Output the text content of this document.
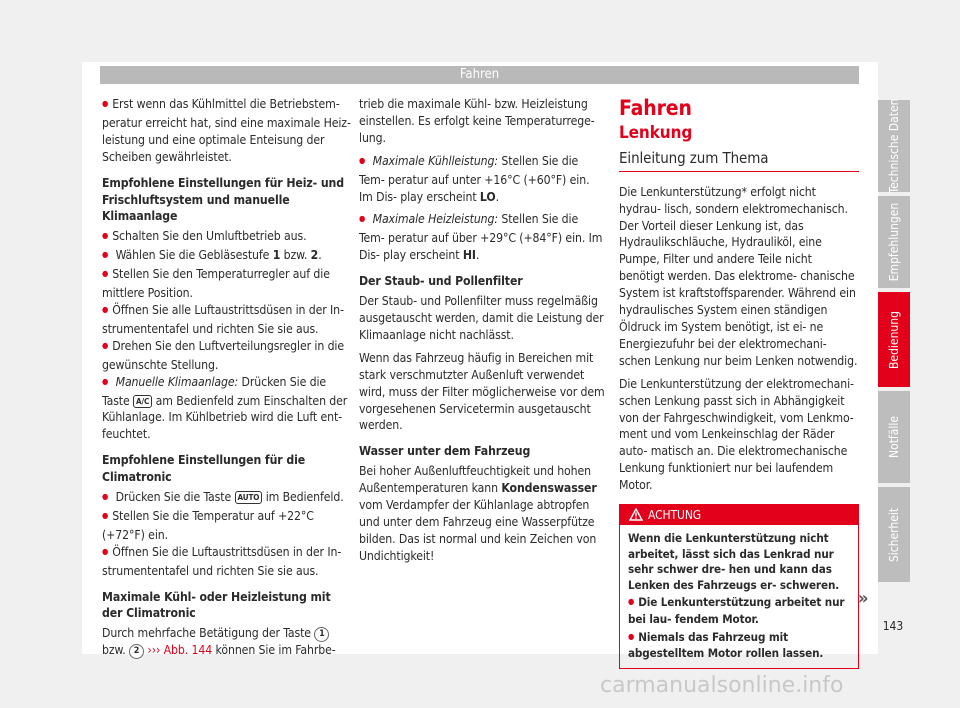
Fahren

● Erst wenn das Kühlmittel die Betriebstem- peratur erreicht hat, sind eine maximale Heiz- leistung und eine optimale Enteisung der Scheiben gewährleistet.

Empfohlene Einstellungen für Heiz- und Frischluftsystem und manuelle Klimaanlage

● Schalten Sie den Umluftbetrieb aus.

● Wählen Sie die Gebläsestufe 1 bzw. 2.

● Stellen Sie den Temperaturregler auf die mittlere Position.

● Öffnen Sie alle Luftaustrittsdüsen in der In- strumententafel und richten Sie sie aus.

● Drehen Sie den Luftverteilungsregler in die gewünschte Stellung.

● Manuelle Klimaanlage: Drücken Sie die Taste A/C am Bedienfeld zum Einschalten der Kühlanlage. Im Kühlbetrieb wird die Luft ent- feuchtet.

Empfohlene Einstellungen für die Climatronic

● Drücken Sie die Taste AUTO im Bedienfeld.

● Stellen Sie die Temperatur auf +22°C (+72°F) ein.

● Öffnen Sie die Luftaustrittsdüsen in der In- strumententafel und richten Sie sie aus.

Maximale Kühl- oder Heizleistung mit der Climatronic

Durch mehrfache Betätigung der Taste 1
bzw. 2 ››› Abb. 144 können Sie im Fahrbe-

trieb die maximale Kühl- bzw. Heizleistung einstellen. Es erfolgt keine Temperaturrege- lung.

● Maximale Kühlleistung: Stellen Sie die Tem- peratur auf unter +16°C (+60°F) ein. Im Dis- play erscheint LO.

● Maximale Heizleistung: Stellen Sie die Tem- peratur auf über +29°C (+84°F) ein. Im Dis- play erscheint HI.

Der Staub- und Pollenfilter

Der Staub- und Pollenfilter muss regelmäßig ausgetauscht werden, damit die Leistung der Klimaanlage nicht nachlässt.

Wenn das Fahrzeug häufig in Bereichen mit stark verschmutzter Außenluft verwendet wird, muss der Filter möglicherweise vor dem vorgesehenen Servicetermin ausgetauscht werden.

Wasser unter dem Fahrzeug

Bei hoher Außenluftfeuchtigkeit und hohen Außentemperaturen kann Kondenswasser vom Verdampfer der Kühlanlage abtropfen und unter dem Fahrzeug eine Wasserpfütze bilden. Das ist normal und kein Zeichen von Undichtigkeit!

Fahren
Lenkung
Einleitung zum Thema

Die Lenkunterstützung* erfolgt nicht hydrau- lisch, sondern elektromechanisch. Der Vorteil dieser Lenkung ist, das Hydraulikschläuche, Hydrauliköl, eine Pumpe, Filter und andere Teile nicht benötigt werden. Das elektrome- chanische System ist kraftstoffsparender. Während ein hydraulisches System einen ständigen Öldruck im System benötigt, ist ei- ne Energiezufuhr bei der elektromechani- schen Lenkung nur beim Lenken notwendig.

Die Lenkunterstützung der elektromechani- schen Lenkung passt sich in Abhängigkeit von der Fahrgeschwindigkeit, vom Lenkmo- ment und vom Lenkeinschlag der Räder auto- matisch an. Die elektromechanische Lenkung funktioniert nur bei laufendem Motor.

ACHTUNG

Wenn die Lenkunterstützung nicht arbeitet, lässt sich das Lenkrad nur sehr schwer dre- hen und kann das Lenken des Fahrzeugs er- schweren.

● Die Lenkunterstützung arbeitet nur bei lau- fendem Motor.

● Niemals das Fahrzeug mit abgestelltem Motor rollen lassen.

»
Technische Daten
Empfehlungen
Bedienung
Notfälle
Sicherheit
143
carmanualsonline.info
